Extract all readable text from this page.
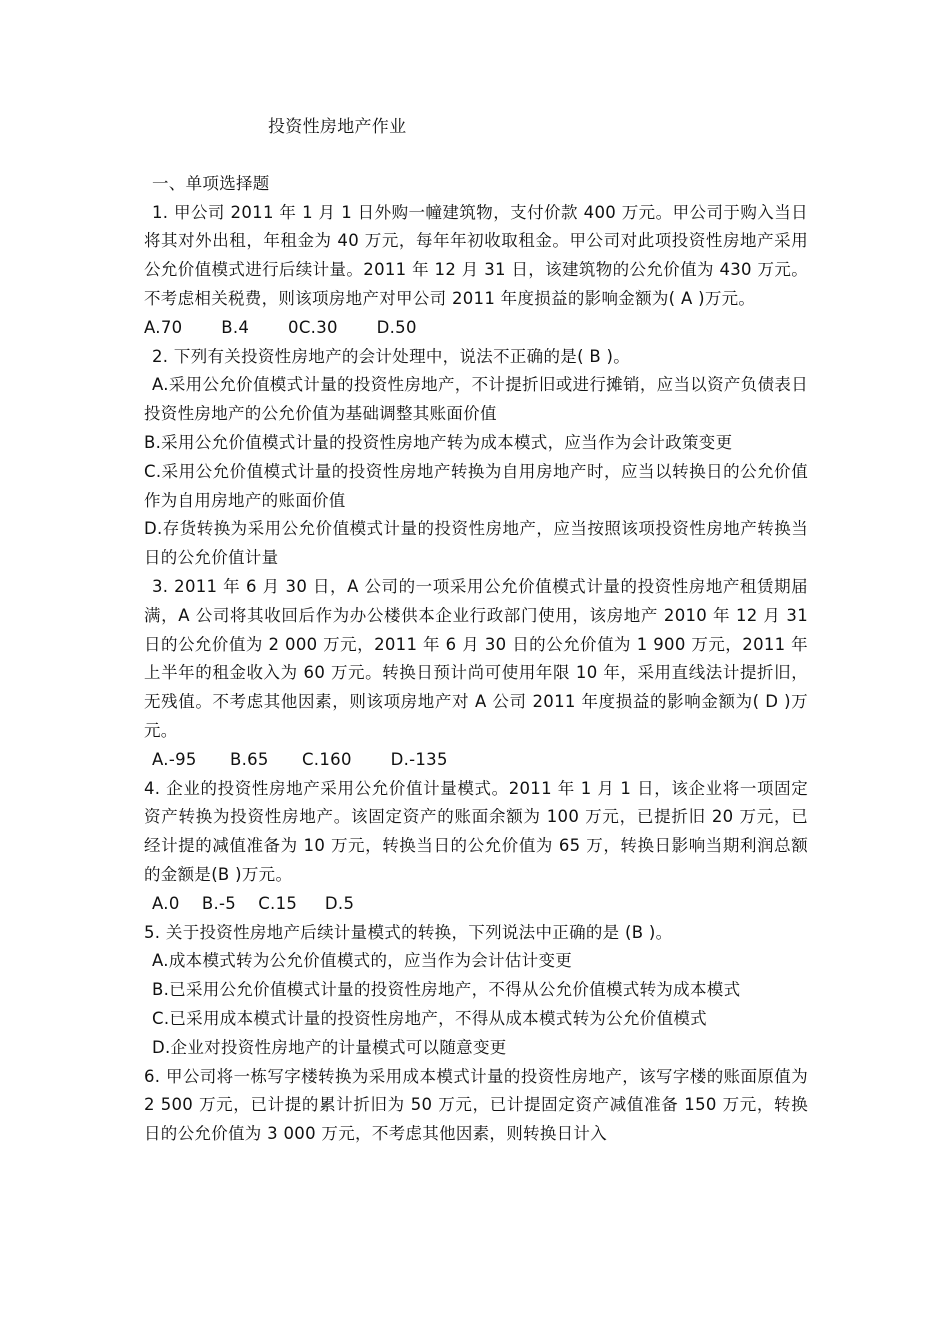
投资性房地产作业
一、单项选择题

1. 甲公司 2011 年 1 月 1 日外购一幢建筑物，支付价款 400 万元。甲公司于购入当日将其对外出租，年租金为 40 万元，每年年初收取租金。甲公司对此项投资性房地产采用公允价值模式进行后续计量。2011 年 12 月 31 日，该建筑物的公允价值为 430 万元。不考虑相关税费，则该项房地产对甲公司 2011 年度损益的影响金额为( A )万元。

A.70       B.4       0C.30       D.50

2. 下列有关投资性房地产的会计处理中，说法不正确的是( B )。

A.采用公允价值模式计量的投资性房地产，不计提折旧或进行摊销，应当以资产负债表日投资性房地产的公允价值为基础调整其账面价值

B.采用公允价值模式计量的投资性房地产转为成本模式，应当作为会计政策变更

C.采用公允价值模式计量的投资性房地产转换为自用房地产时，应当以转换日的公允价值作为自用房地产的账面价值

D.存货转换为采用公允价值模式计量的投资性房地产，应当按照该项投资性房地产转换当日的公允价值计量

3. 2011 年 6 月 30 日，A 公司的一项采用公允价值模式计量的投资性房地产租赁期届满，A 公司将其收回后作为办公楼供本企业行政部门使用，该房地产 2010 年 12 月 31 日的公允价值为 2 000 万元，2011 年 6 月 30 日的公允价值为 1 900 万元，2011 年上半年的租金收入为 60 万元。转换日预计尚可使用年限 10 年，采用直线法计提折旧，无残值。不考虑其他因素，则该项房地产对 A 公司 2011 年度损益的影响金额为( D )万元。

A.-95      B.65      C.160       D.-135

4. 企业的投资性房地产采用公允价值计量模式。2011 年 1 月 1 日，该企业将一项固定资产转换为投资性房地产。该固定资产的账面余额为 100 万元，已提折旧 20 万元，已经计提的减值准备为 10 万元，转换当日的公允价值为 65 万，转换日影响当期利润总额的金额是(B )万元。

A.0    B.-5    C.15     D.5

5. 关于投资性房地产后续计量模式的转换，下列说法中正确的是 (B )。

A.成本模式转为公允价值模式的，应当作为会计估计变更

B.已采用公允价值模式计量的投资性房地产，不得从公允价值模式转为成本模式

C.已采用成本模式计量的投资性房地产，不得从成本模式转为公允价值模式

D.企业对投资性房地产的计量模式可以随意变更

6. 甲公司将一栋写字楼转换为采用成本模式计量的投资性房地产，该写字楼的账面原值为 2 500 万元，已计提的累计折旧为 50 万元，已计提固定资产减值准备 150 万元，转换日的公允价值为 3 000 万元，不考虑其他因素，则转换日计入
